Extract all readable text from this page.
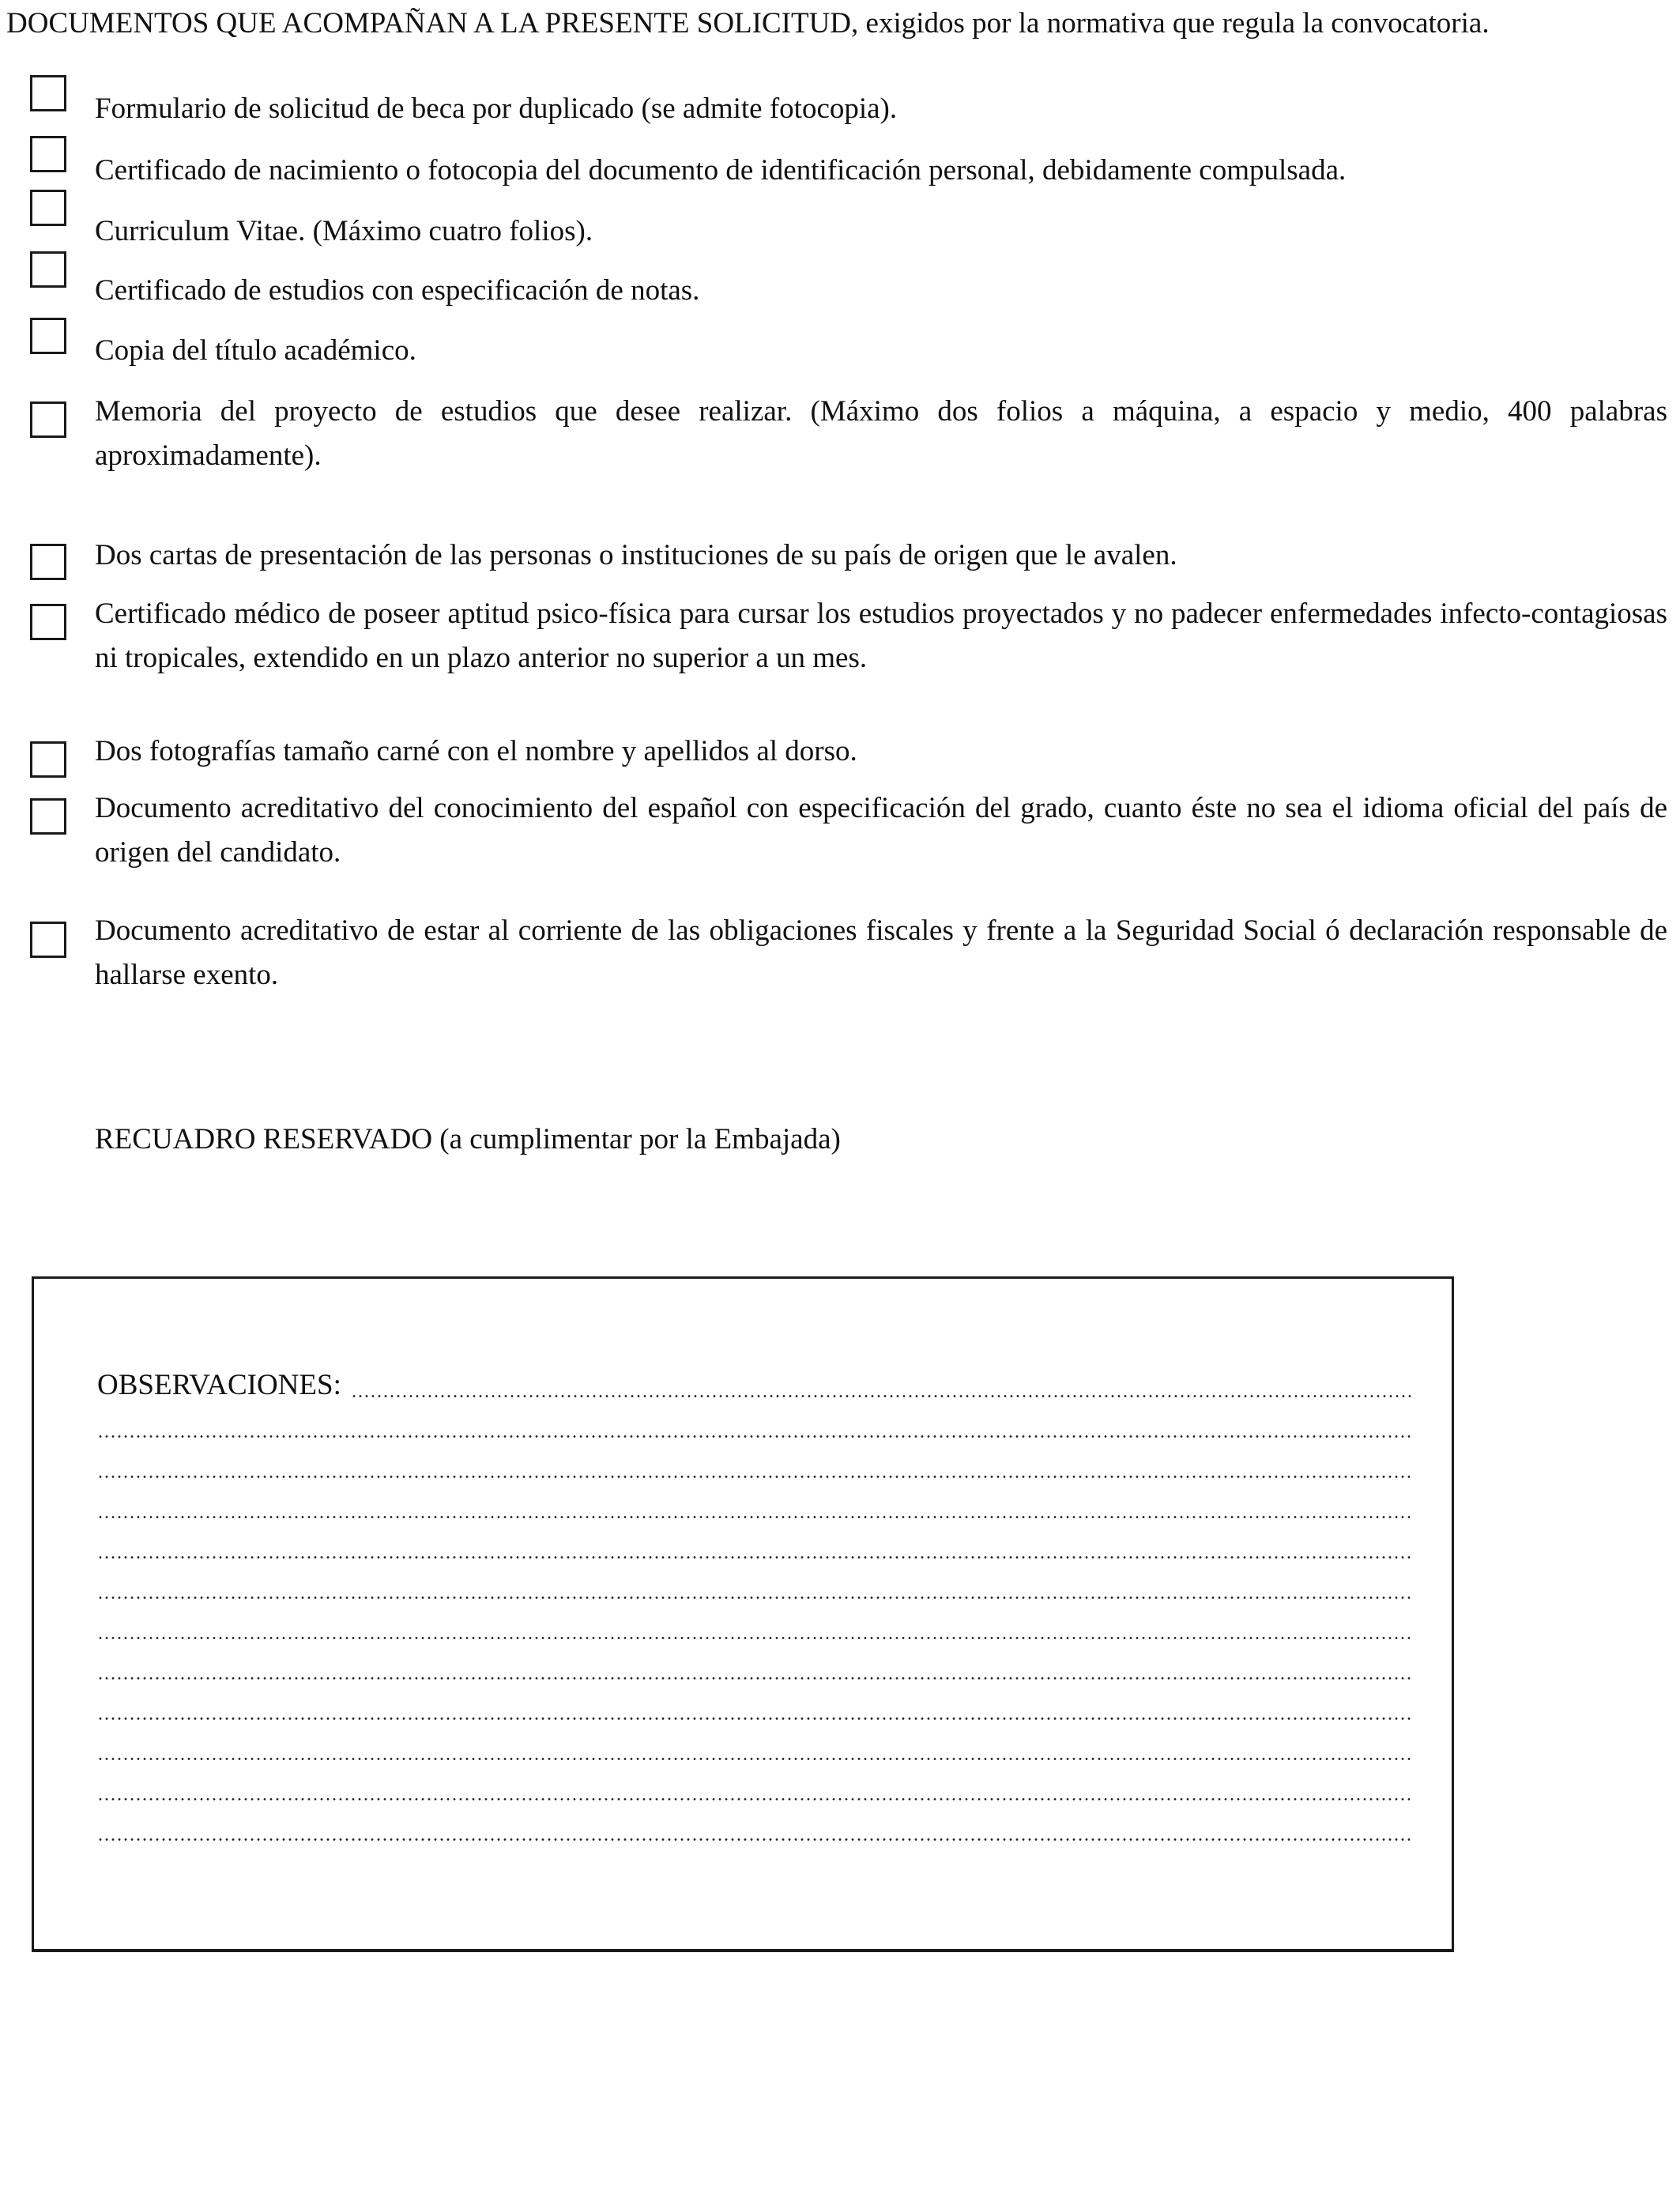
DOCUMENTOS QUE ACOMPAÑAN A LA PRESENTE SOLICITUD, exigidos por la normativa que regula la convocatoria.
Formulario de solicitud de beca por duplicado (se admite fotocopia).
Certificado de nacimiento o fotocopia del documento de identificación personal, debidamente compulsada.
Curriculum Vitae. (Máximo cuatro folios).
Certificado de estudios con especificación de notas.
Copia del título académico.
Memoria del proyecto de estudios que desee realizar. (Máximo dos folios a máquina, a espacio y medio, 400 palabras aproximadamente).
Dos cartas de presentación de las personas o instituciones de su país de origen que le avalen.
Certificado médico de poseer aptitud psico-física para cursar los estudios proyectados y no padecer enfermedades infecto-contagiosas ni tropicales, extendido en un plazo anterior no superior a un mes.
Dos fotografías tamaño carné con el nombre y apellidos al dorso.
Documento acreditativo del conocimiento del español con especificación del grado, cuanto éste no sea el idioma oficial del país de origen del candidato.
Documento acreditativo de estar al corriente de las obligaciones fiscales y frente a la Seguridad Social ó declaración responsable de hallarse exento.
RECUADRO RESERVADO (a cumplimentar por la Embajada)
OBSERVACIONES:
